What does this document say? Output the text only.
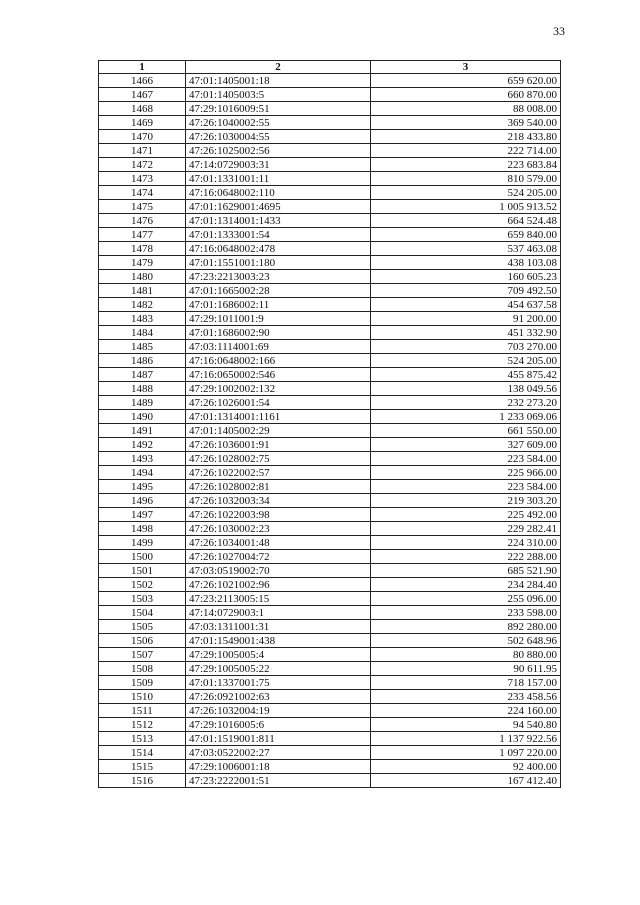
33
1	2	3
1466	47:01:1405001:18	659 620.00
1467	47:01:1405003:5	660 870.00
1468	47:29:1016009:51	88 008.00
1469	47:26:1040002:55	369 540.00
1470	47:26:1030004:55	218 433.80
1471	47:26:1025002:56	222 714.00
1472	47:14:0729003:31	223 683.84
1473	47:01:1331001:11	810 579.00
1474	47:16:0648002:110	524 205.00
1475	47:01:1629001:4695	1 005 913.52
1476	47:01:1314001:1433	664 524.48
1477	47:01:1333001:54	659 840.00
1478	47:16:0648002:478	537 463.08
1479	47:01:1551001:180	438 103.08
1480	47:23:2213003:23	160 605.23
1481	47:01:1665002:28	709 492.50
1482	47:01:1686002:11	454 637.58
1483	47:29:1011001:9	91 200.00
1484	47:01:1686002:90	451 332.90
1485	47:03:1114001:69	703 270.00
1486	47:16:0648002:166	524 205.00
1487	47:16:0650002:546	455 875.42
1488	47:29:1002002:132	138 049.56
1489	47:26:1026001:54	232 273.20
1490	47:01:1314001:1161	1 233 069.06
1491	47:01:1405002:29	661 550.00
1492	47:26:1036001:91	327 609.00
1493	47:26:1028002:75	223 584.00
1494	47:26:1022002:57	225 966.00
1495	47:26:1028002:81	223 584.00
1496	47:26:1032003:34	219 303.20
1497	47:26:1022003:98	225 492.00
1498	47:26:1030002:23	229 282.41
1499	47:26:1034001:48	224 310.00
1500	47:26:1027004:72	222 288.00
1501	47:03:0519002:70	685 521.90
1502	47:26:1021002:96	234 284.40
1503	47:23:2113005:15	255 096.00
1504	47:14:0729003:1	233 598.00
1505	47:03:1311001:31	892 280.00
1506	47:01:1549001:438	502 648.96
1507	47:29:1005005:4	80 880.00
1508	47:29:1005005:22	90 611.95
1509	47:01:1337001:75	718 157.00
1510	47:26:0921002:63	233 458.56
1511	47:26:1032004:19	224 160.00
1512	47:29:1016005:6	94 540.80
1513	47:01:1519001:811	1 137 922.56
1514	47:03:0522002:27	1 097 220.00
1515	47:29:1006001:18	92 400.00
1516	47:23:2222001:51	167 412.40
